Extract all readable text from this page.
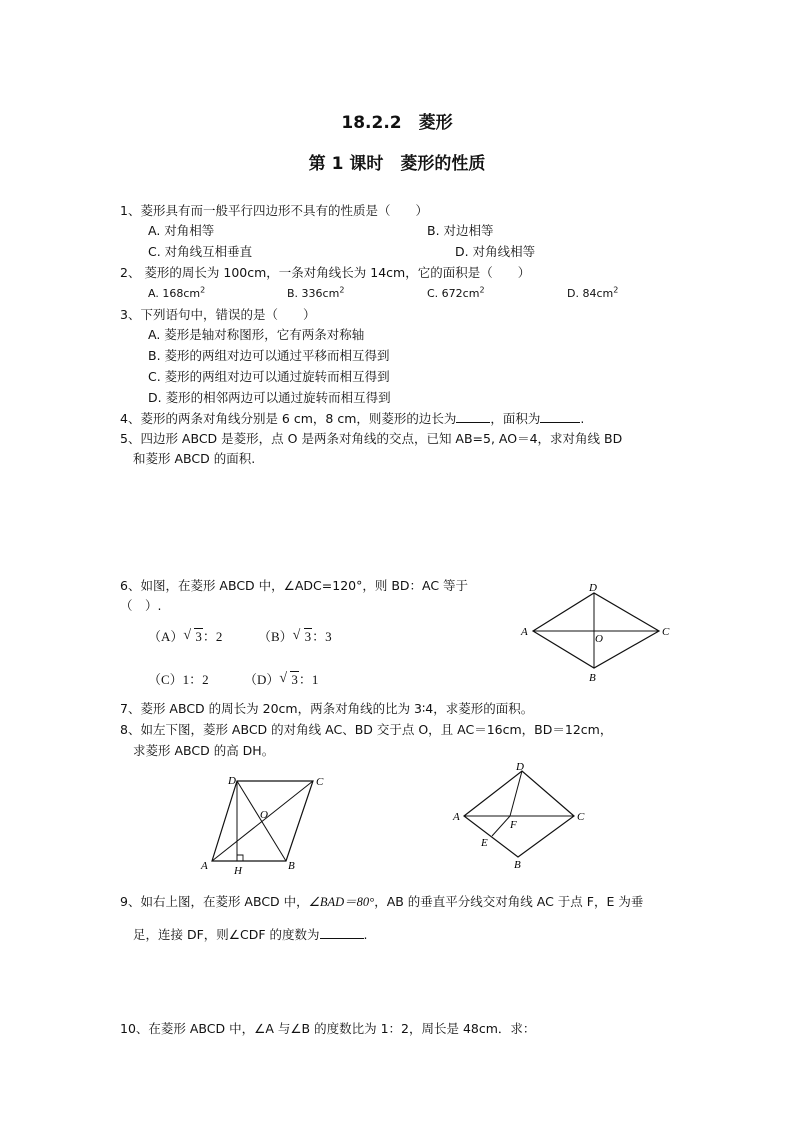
18.2.2　菱形
第 1 课时　菱形的性质
1、菱形具有而一般平行四边形不具有的性质是（　　）
A. 对角相等	B. 对边相等
C. 对角线互相垂直	D. 对角线相等
2、 菱形的周长为 100cm，一条对角线长为 14cm，它的面积是（　　）
A. $168cm^2$	B. $336cm^2$	C. $672cm^2$	D. $84cm^2$
3、下列语句中，错误的是（　　）
A. 菱形是轴对称图形，它有两条对称轴
B. 菱形的两组对边可以通过平移而相互得到
C. 菱形的两组对边可以通过旋转而相互得到
D. 菱形的相邻两边可以通过旋转而相互得到
4、菱形的两条对角线分别是 6 cm，8 cm，则菱形的边长为	，面积为	.
5、四边形 ABCD 是菱形，点 O 是两条对角线的交点，已知 AB=5, AO＝4，求对角线 BD
和菱形 ABCD 的面积.
6、如图，在菱形 ABCD 中，∠ADC=120°，则 BD：AC 等于
（　）.
（A） √ 3：2	（B） √ 3：3
（C）1：2	（D） √ 3：1
D
A	C
B
O
7、菱形 ABCD 的周长为 20cm，两条对角线的比为 3∶4，求菱形的面积。
8、如左下图，菱形 ABCD 的对角线 AC、BD 交于点 O，且 AC＝16cm，BD＝12cm，
求菱形 ABCD 的高 DH。
D	C
A	B
H
O
D
A	C
B
F
E
9、如右上图，在菱形 ABCD 中，∠BAD＝80°，AB 的垂直平分线交对角线 AC 于点 F，E 为垂
足，连接 DF，则∠CDF 的度数为	.
10、在菱形 ABCD 中，∠A 与∠B 的度数比为 1：2，周长是 48cm．求：
